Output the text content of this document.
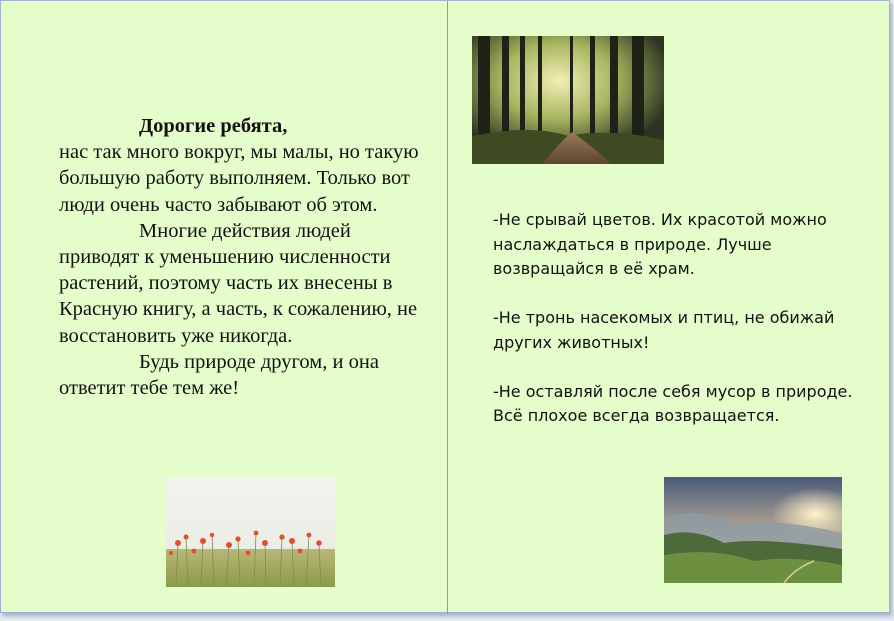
Дорогие ребята,

нас так много вокруг, мы малы, но такую большую работу выполняем. Только вот люди очень часто забывают об этом.

Многие действия людей приводят к уменьшению численности растений, поэтому часть их внесены в Красную книгу, а часть, к сожалению, не восстановить уже никогда.

Будь природе другом, и она ответит тебе тем же!

-Не срывай цветов. Их красотой можно наслаждаться в природе. Лучше возвращайся в её храм.

-Не тронь насекомых и птиц, не обижай других животных!

-Не оставляй после себя мусор в природе. Всё плохое всегда возвращается.
